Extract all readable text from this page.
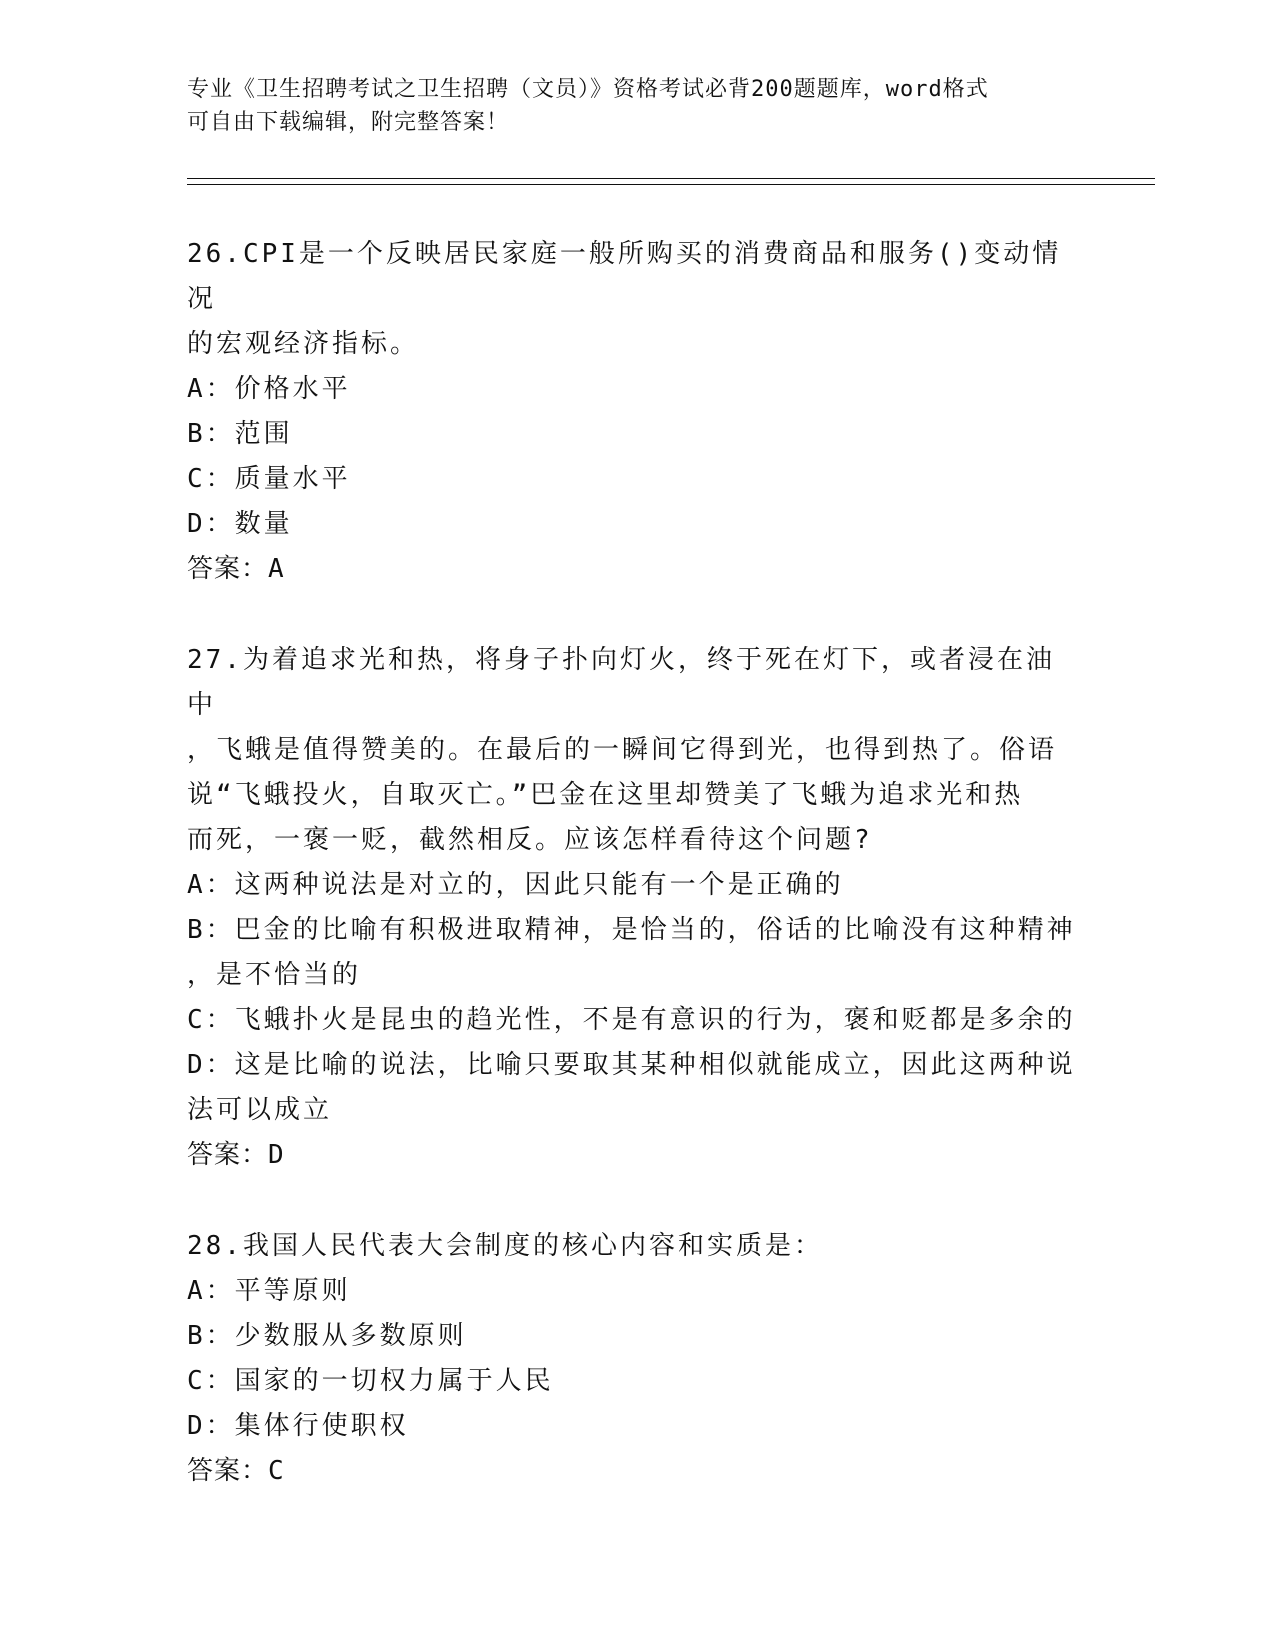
专业《卫生招聘考试之卫生招聘（文员）》资格考试必背200题题库，word格式
可自由下载编辑，附完整答案！

26.CPI是一个反映居民家庭一般所购买的消费商品和服务()变动情况

的宏观经济指标。

A：价格水平

B：范围

C：质量水平

D：数量

答案：A

27.为着追求光和热，将身子扑向灯火，终于死在灯下，或者浸在油中

，飞蛾是值得赞美的。在最后的一瞬间它得到光，也得到热了。俗语

说“飞蛾投火，自取灭亡。”巴金在这里却赞美了飞蛾为追求光和热

而死，一褒一贬，截然相反。应该怎样看待这个问题?

A：这两种说法是对立的，因此只能有一个是正确的

B：巴金的比喻有积极进取精神，是恰当的，俗话的比喻没有这种精神

，是不恰当的

C：飞蛾扑火是昆虫的趋光性，不是有意识的行为，褒和贬都是多余的

D：这是比喻的说法，比喻只要取其某种相似就能成立，因此这两种说

法可以成立

答案：D

28.我国人民代表大会制度的核心内容和实质是：

A：平等原则

B：少数服从多数原则

C：国家的一切权力属于人民

D：集体行使职权

答案：C
